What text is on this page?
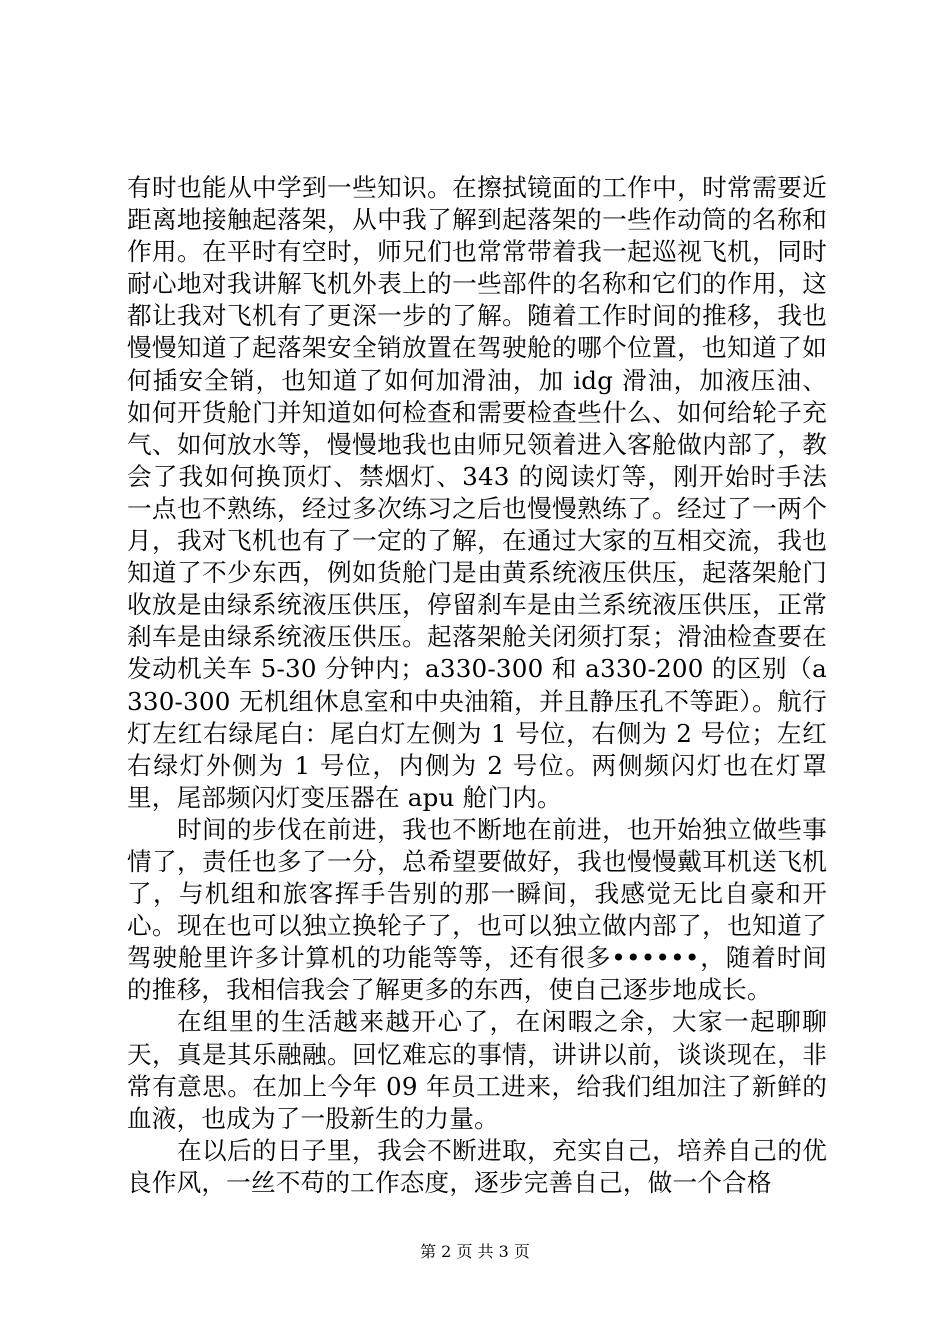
有时也能从中学到一些知识。在擦拭镜面的工作中，时常需要近距离地接触起落架，从中我了解到起落架的一些作动筒的名称和作用。在平时有空时，师兄们也常常带着我一起巡视飞机，同时耐心地对我讲解飞机外表上的一些部件的名称和它们的作用，这都让我对飞机有了更深一步的了解。随着工作时间的推移，我也慢慢知道了起落架安全销放置在驾驶舱的哪个位置，也知道了如何插安全销，也知道了如何加滑油，加 idg 滑油，加液压油、如何开货舱门并知道如何检查和需要检查些什么、如何给轮子充气、如何放水等，慢慢地我也由师兄领着进入客舱做内部了，教会了我如何换顶灯、禁烟灯、343 的阅读灯等，刚开始时手法一点也不熟练，经过多次练习之后也慢慢熟练了。经过了一两个月，我对飞机也有了一定的了解，在通过大家的互相交流，我也知道了不少东西，例如货舱门是由黄系统液压供压，起落架舱门收放是由绿系统液压供压，停留刹车是由兰系统液压供压，正常刹车是由绿系统液压供压。起落架舱关闭须打泵；滑油检查要在发动机关车 5-30 分钟内；a330-300 和 a330-200 的区别（a330-300 无机组休息室和中央油箱，并且静压孔不等距）。航行灯左红右绿尾白：尾白灯左侧为 1 号位，右侧为 2 号位；左红右绿灯外侧为 1 号位，内侧为 2 号位。两侧频闪灯也在灯罩里，尾部频闪灯变压器在 apu 舱门内。

时间的步伐在前进，我也不断地在前进，也开始独立做些事情了，责任也多了一分，总希望要做好，我也慢慢戴耳机送飞机了，与机组和旅客挥手告别的那一瞬间，我感觉无比自豪和开心。现在也可以独立换轮子了，也可以独立做内部了，也知道了驾驶舱里许多计算机的功能等等，还有很多••••••，随着时间的推移，我相信我会了解更多的东西，使自己逐步地成长。

在组里的生活越来越开心了，在闲暇之余，大家一起聊聊天，真是其乐融融。回忆难忘的事情，讲讲以前，谈谈现在，非常有意思。在加上今年 09 年员工进来，给我们组加注了新鲜的血液，也成为了一股新生的力量。

在以后的日子里，我会不断进取，充实自己，培养自己的优良作风，一丝不苟的工作态度，逐步完善自己，做一个合格

第 2 页 共 3 页
